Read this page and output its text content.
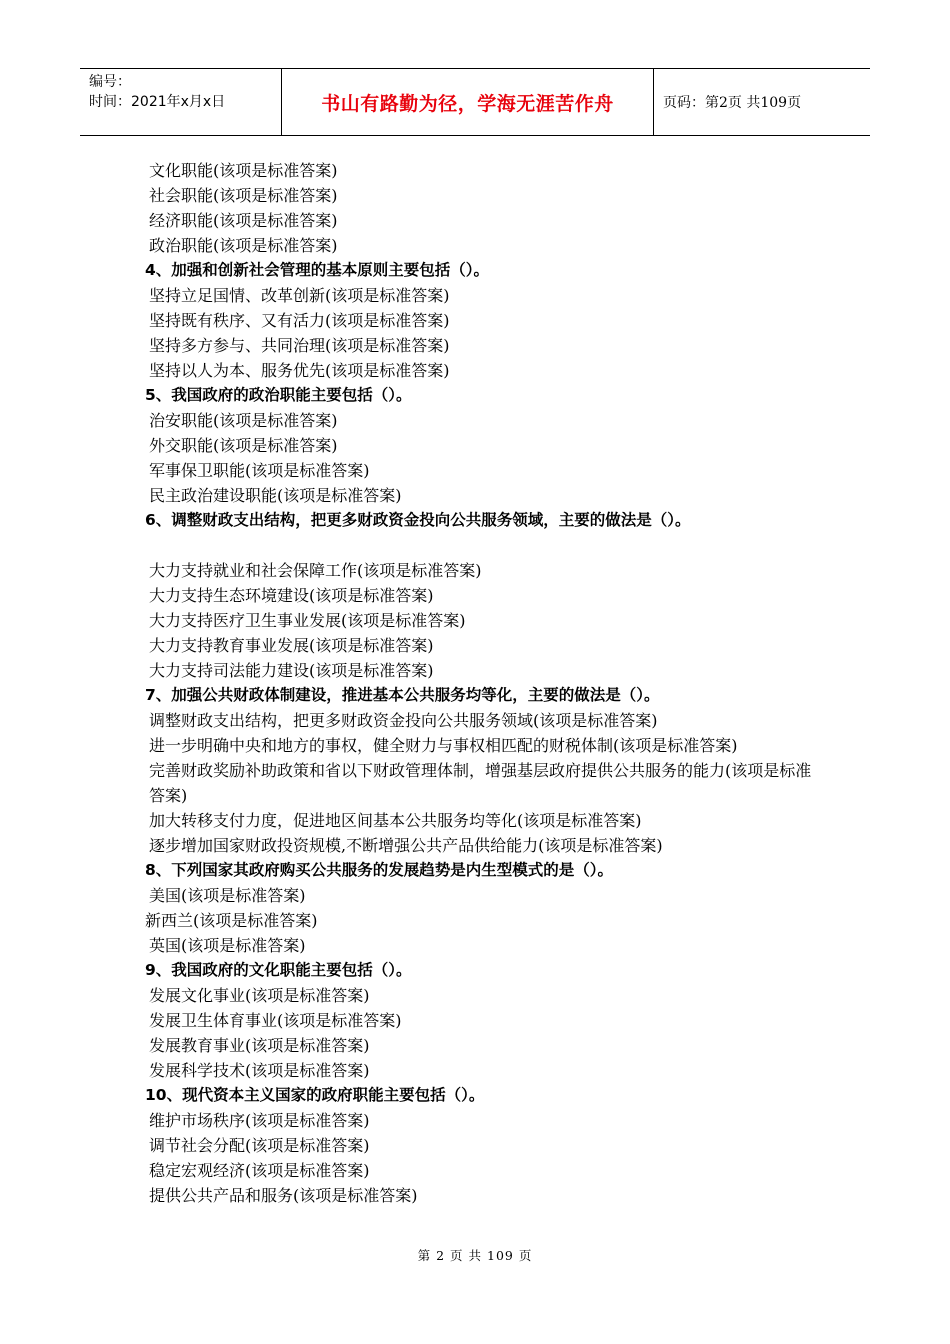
编号：
时间：2021年x月x日	书山有路勤为径，学海无涯苦作舟	页码：第2页 共109页
文化职能(该项是标准答案)
社会职能(该项是标准答案)
经济职能(该项是标准答案)
政治职能(该项是标准答案)
4、加强和创新社会管理的基本原则主要包括（）。
坚持立足国情、改革创新(该项是标准答案)
坚持既有秩序、又有活力(该项是标准答案)
坚持多方参与、共同治理(该项是标准答案)
坚持以人为本、服务优先(该项是标准答案)
5、我国政府的政治职能主要包括（）。
治安职能(该项是标准答案)
外交职能(该项是标准答案)
军事保卫职能(该项是标准答案)
民主政治建设职能(该项是标准答案)
6、调整财政支出结构，把更多财政资金投向公共服务领域，主要的做法是（）。
大力支持就业和社会保障工作(该项是标准答案)
大力支持生态环境建设(该项是标准答案)
大力支持医疗卫生事业发展(该项是标准答案)
大力支持教育事业发展(该项是标准答案)
大力支持司法能力建设(该项是标准答案)
7、加强公共财政体制建设，推进基本公共服务均等化，主要的做法是（）。
调整财政支出结构，把更多财政资金投向公共服务领域(该项是标准答案)
进一步明确中央和地方的事权，健全财力与事权相匹配的财税体制(该项是标准答案)
完善财政奖励补助政策和省以下财政管理体制，增强基层政府提供公共服务的能力(该项是标准答案)
加大转移支付力度，促进地区间基本公共服务均等化(该项是标准答案)
逐步增加国家财政投资规模,不断增强公共产品供给能力(该项是标准答案)
8、下列国家其政府购买公共服务的发展趋势是内生型模式的是（）。
美国(该项是标准答案)
新西兰(该项是标准答案)
英国(该项是标准答案)
9、我国政府的文化职能主要包括（）。
发展文化事业(该项是标准答案)
发展卫生体育事业(该项是标准答案)
发展教育事业(该项是标准答案)
发展科学技术(该项是标准答案)
10、现代资本主义国家的政府职能主要包括（）。
维护市场秩序(该项是标准答案)
调节社会分配(该项是标准答案)
稳定宏观经济(该项是标准答案)
提供公共产品和服务(该项是标准答案)
第 2 页 共 109 页
